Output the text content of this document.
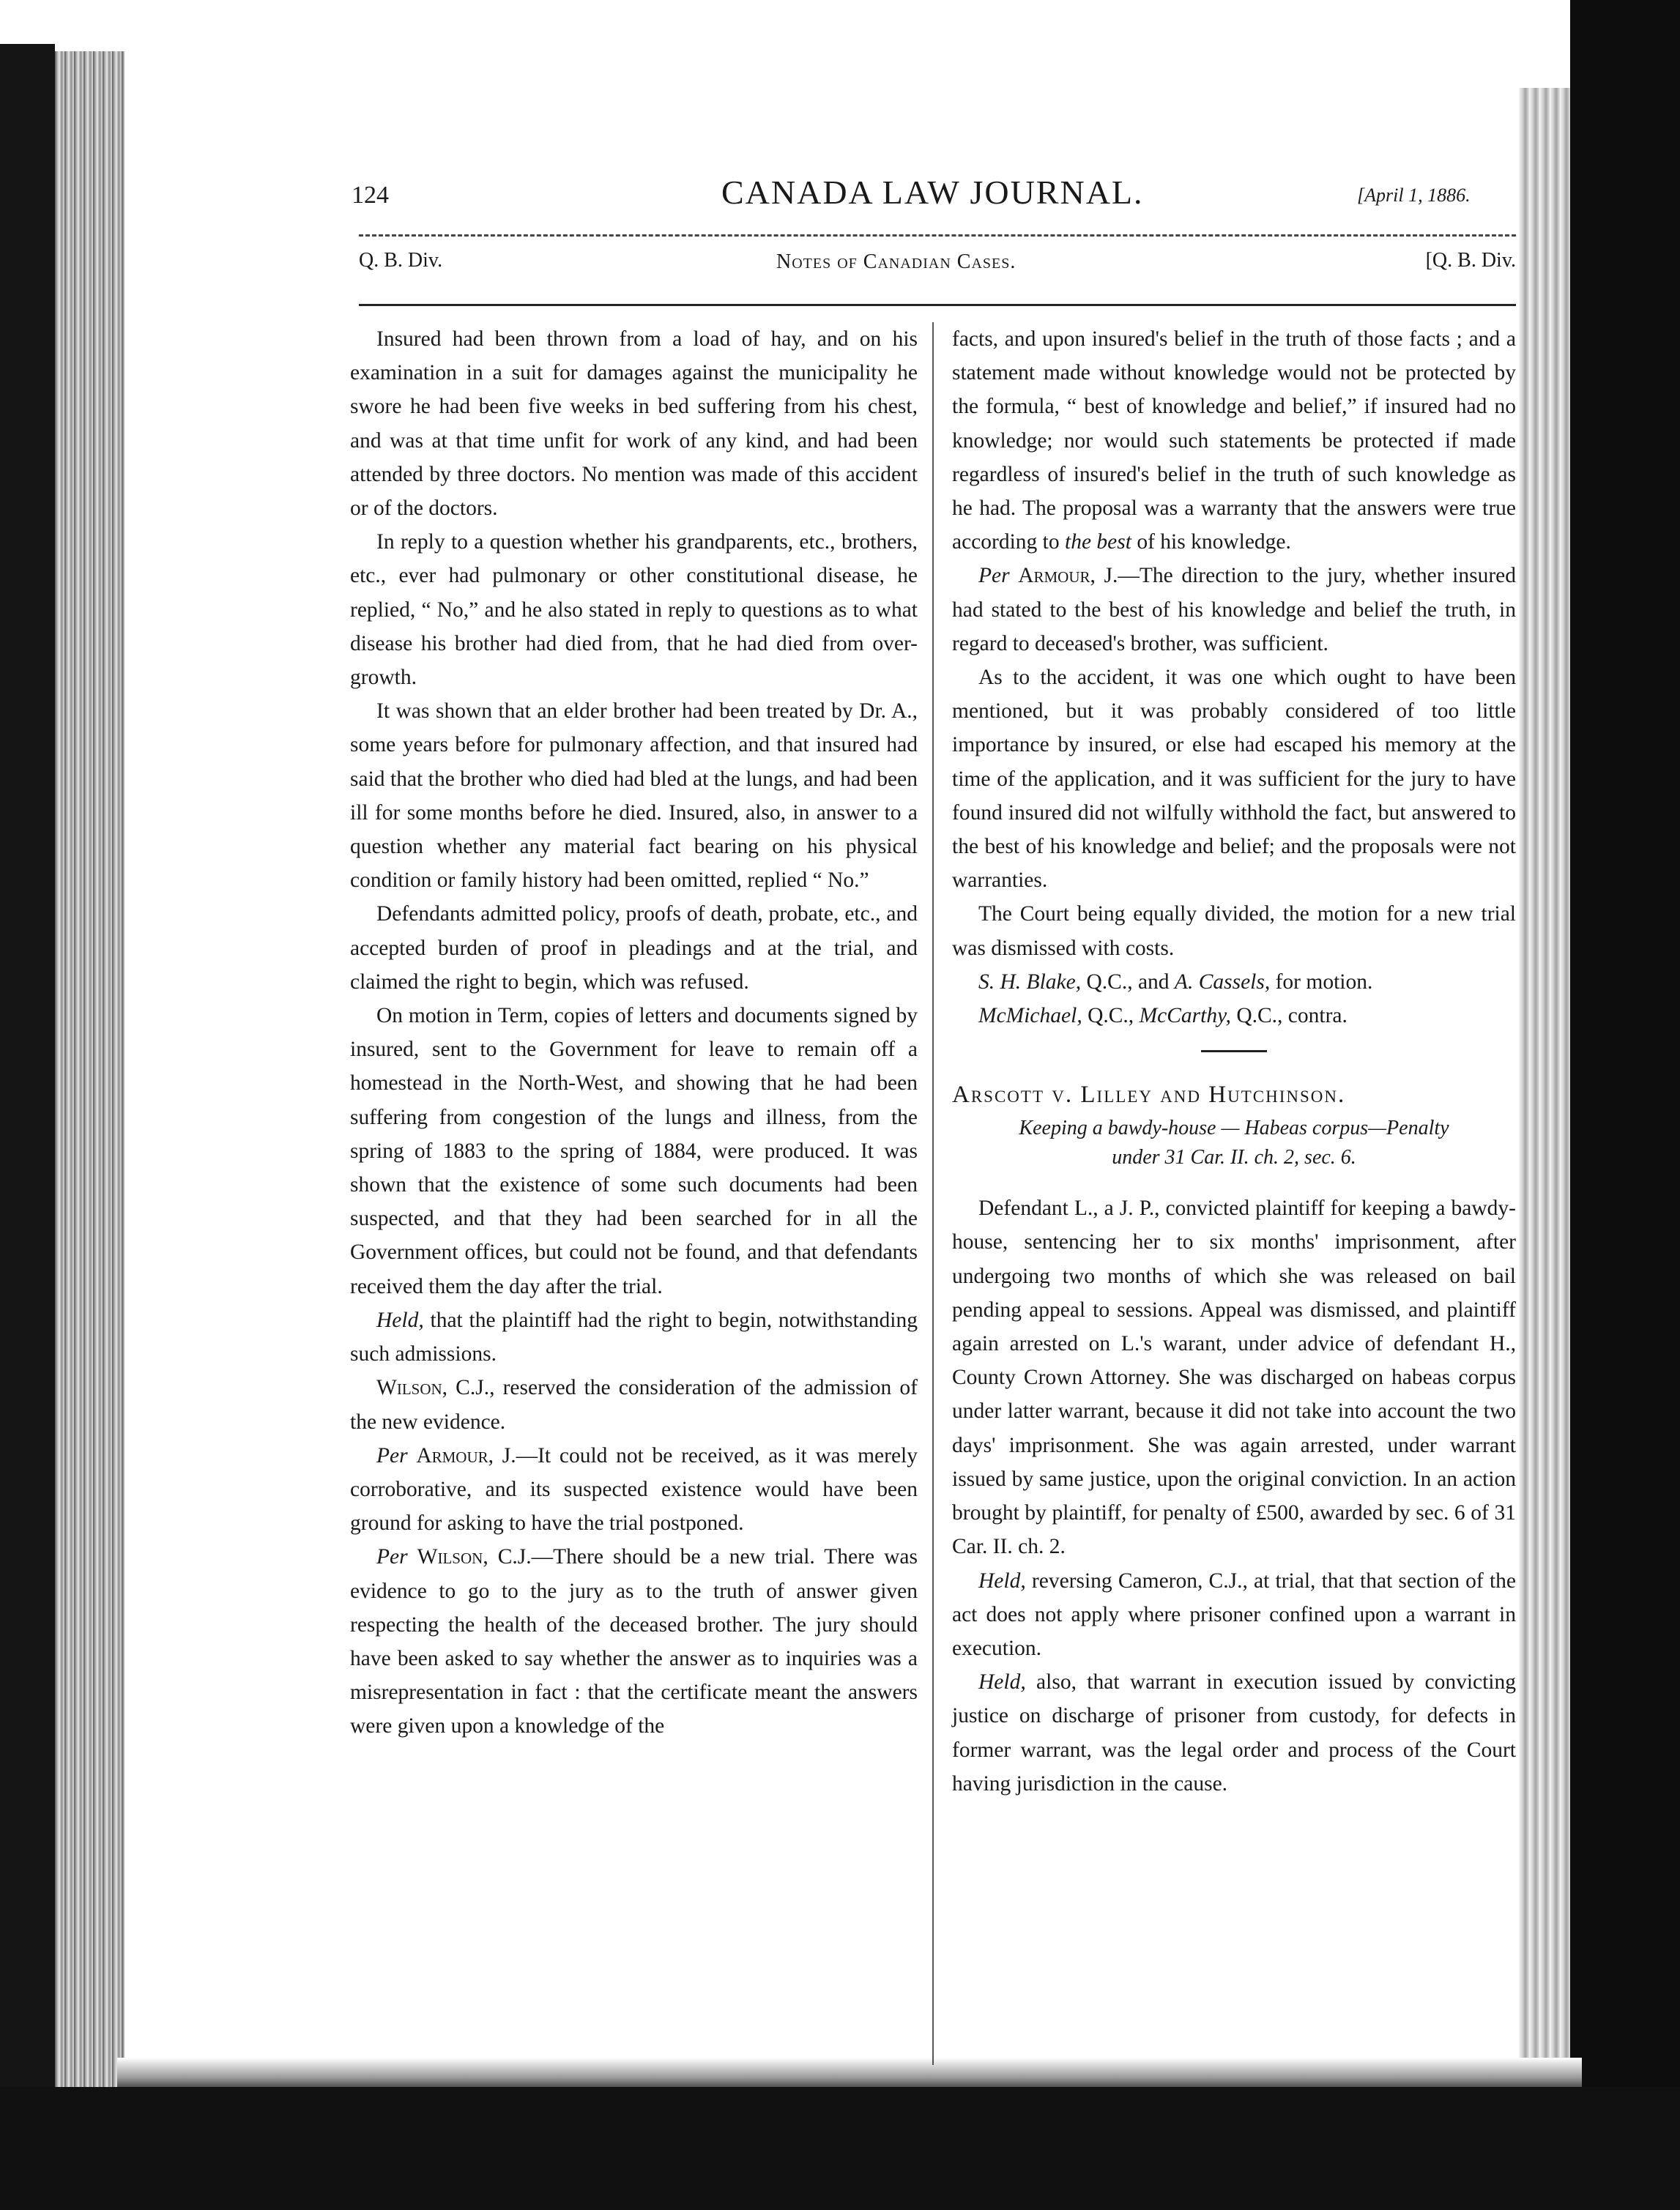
124	CANADA LAW JOURNAL.	[April 1, 1886.
Q. B. Div.	Notes of Canadian Cases.	[Q. B. Div.

Insured had been thrown from a load of hay, and on his examination in a suit for damages against the municipality he swore he had been five weeks in bed suffering from his chest, and was at that time unfit for work of any kind, and had been attended by three doctors. No mention was made of this accident or of the doctors.

In reply to a question whether his grandparents, etc., brothers, etc., ever had pulmonary or other constitutional disease, he replied, “ No,” and he also stated in reply to questions as to what disease his brother had died from, that he had died from over-growth.

It was shown that an elder brother had been treated by Dr. A., some years before for pulmonary affection, and that insured had said that the brother who died had bled at the lungs, and had been ill for some months before he died. Insured, also, in answer to a question whether any material fact bearing on his physical condition or family history had been omitted, replied “ No.”

Defendants admitted policy, proofs of death, probate, etc., and accepted burden of proof in pleadings and at the trial, and claimed the right to begin, which was refused.

On motion in Term, copies of letters and documents signed by insured, sent to the Government for leave to remain off a homestead in the North-West, and showing that he had been suffering from congestion of the lungs and illness, from the spring of 1883 to the spring of 1884, were produced. It was shown that the existence of some such documents had been suspected, and that they had been searched for in all the Government offices, but could not be found, and that defendants received them the day after the trial.

Held, that the plaintiff had the right to begin, notwithstanding such admissions.

Wilson, C.J., reserved the consideration of the admission of the new evidence.

Per Armour, J.—It could not be received, as it was merely corroborative, and its suspected existence would have been ground for asking to have the trial postponed.

Per Wilson, C.J.—There should be a new trial. There was evidence to go to the jury as to the truth of answer given respecting the health of the deceased brother. The jury should have been asked to say whether the answer as to inquiries was a misrepresentation in fact : that the certificate meant the answers were given upon a knowledge of the

facts, and upon insured's belief in the truth of those facts ; and a statement made without knowledge would not be protected by the formula, “ best of knowledge and belief,” if insured had no knowledge; nor would such statements be protected if made regardless of insured's belief in the truth of such knowledge as he had. The proposal was a warranty that the answers were true according to the best of his knowledge.

Per Armour, J.—The direction to the jury, whether insured had stated to the best of his knowledge and belief the truth, in regard to deceased's brother, was sufficient.

As to the accident, it was one which ought to have been mentioned, but it was probably considered of too little importance by insured, or else had escaped his memory at the time of the application, and it was sufficient for the jury to have found insured did not wilfully withhold the fact, but answered to the best of his knowledge and belief; and the proposals were not warranties.

The Court being equally divided, the motion for a new trial was dismissed with costs.

S. H. Blake, Q.C., and A. Cassels, for motion.

McMichael, Q.C., McCarthy, Q.C., contra.

Arscott v. Lilley and Hutchinson.

Keeping a bawdy-house — Habeas corpus—Penalty
under 31 Car. II. ch. 2, sec. 6.

Defendant L., a J. P., convicted plaintiff for keeping a bawdy-house, sentencing her to six months' imprisonment, after undergoing two months of which she was released on bail pending appeal to sessions. Appeal was dismissed, and plaintiff again arrested on L.'s warant, under advice of defendant H., County Crown Attorney. She was discharged on habeas corpus under latter warrant, because it did not take into account the two days' imprisonment. She was again arrested, under warrant issued by same justice, upon the original conviction. In an action brought by plaintiff, for penalty of £500, awarded by sec. 6 of 31 Car. II. ch. 2.

Held, reversing Cameron, C.J., at trial, that that section of the act does not apply where prisoner confined upon a warrant in execution.

Held, also, that warrant in execution issued by convicting justice on discharge of prisoner from custody, for defects in former warrant, was the legal order and process of the Court having jurisdiction in the cause.
